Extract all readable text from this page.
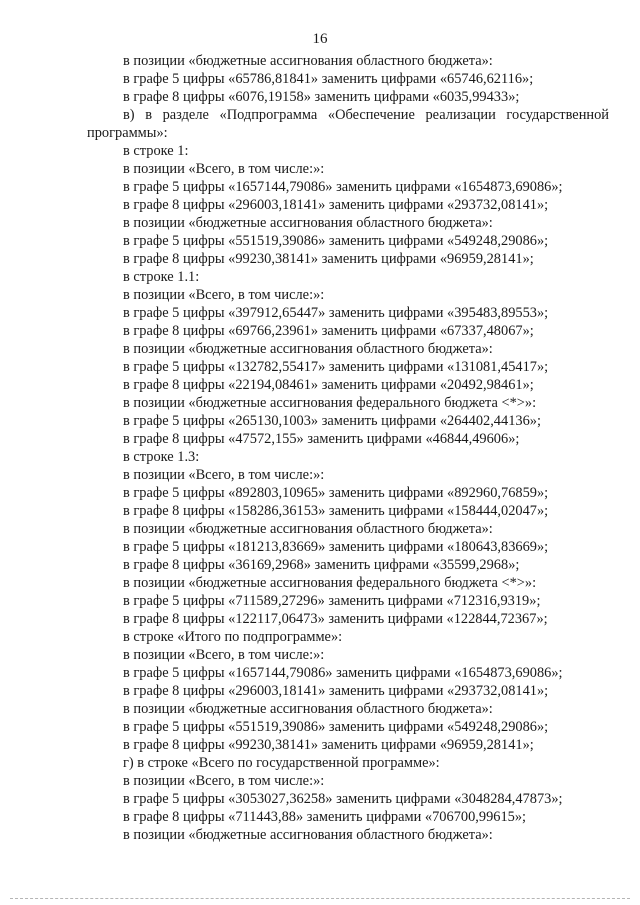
16
в позиции «бюджетные ассигнования областного бюджета»:
в графе 5 цифры «65786,81841» заменить цифрами «65746,62116»;
в графе 8 цифры «6076,19158» заменить цифрами «6035,99433»;
в) в разделе «Подпрограмма «Обеспечение реализации государственной
программы»:
в строке 1:
в позиции «Всего, в том числе:»:
в графе 5 цифры «1657144,79086» заменить цифрами «1654873,69086»;
в графе 8 цифры «296003,18141» заменить цифрами «293732,08141»;
в позиции «бюджетные ассигнования областного бюджета»:
в графе 5 цифры «551519,39086» заменить цифрами «549248,29086»;
в графе 8 цифры «99230,38141» заменить цифрами «96959,28141»;
в строке 1.1:
в позиции «Всего, в том числе:»:
в графе 5 цифры «397912,65447» заменить цифрами «395483,89553»;
в графе 8 цифры «69766,23961» заменить цифрами «67337,48067»;
в позиции «бюджетные ассигнования областного бюджета»:
в графе 5 цифры «132782,55417» заменить цифрами «131081,45417»;
в графе 8 цифры «22194,08461» заменить цифрами «20492,98461»;
в позиции «бюджетные ассигнования федерального бюджета <*>»:
в графе 5 цифры «265130,1003» заменить цифрами «264402,44136»;
в графе 8 цифры «47572,155» заменить цифрами «46844,49606»;
в строке 1.3:
в позиции «Всего, в том числе:»:
в графе 5 цифры «892803,10965» заменить цифрами «892960,76859»;
в графе 8 цифры «158286,36153» заменить цифрами «158444,02047»;
в позиции «бюджетные ассигнования областного бюджета»:
в графе 5 цифры «181213,83669» заменить цифрами «180643,83669»;
в графе 8 цифры «36169,2968» заменить цифрами «35599,2968»;
в позиции «бюджетные ассигнования федерального бюджета <*>»:
в графе 5 цифры «711589,27296» заменить цифрами «712316,9319»;
в графе 8 цифры «122117,06473» заменить цифрами «122844,72367»;
в строке «Итого по подпрограмме»:
в позиции «Всего, в том числе:»:
в графе 5 цифры «1657144,79086» заменить цифрами «1654873,69086»;
в графе 8 цифры «296003,18141» заменить цифрами «293732,08141»;
в позиции «бюджетные ассигнования областного бюджета»:
в графе 5 цифры «551519,39086» заменить цифрами «549248,29086»;
в графе 8 цифры «99230,38141» заменить цифрами «96959,28141»;
г) в строке «Всего по государственной программе»:
в позиции «Всего, в том числе:»:
в графе 5 цифры «3053027,36258» заменить цифрами «3048284,47873»;
в графе 8 цифры «711443,88» заменить цифрами «706700,99615»;
в позиции «бюджетные ассигнования областного бюджета»:
